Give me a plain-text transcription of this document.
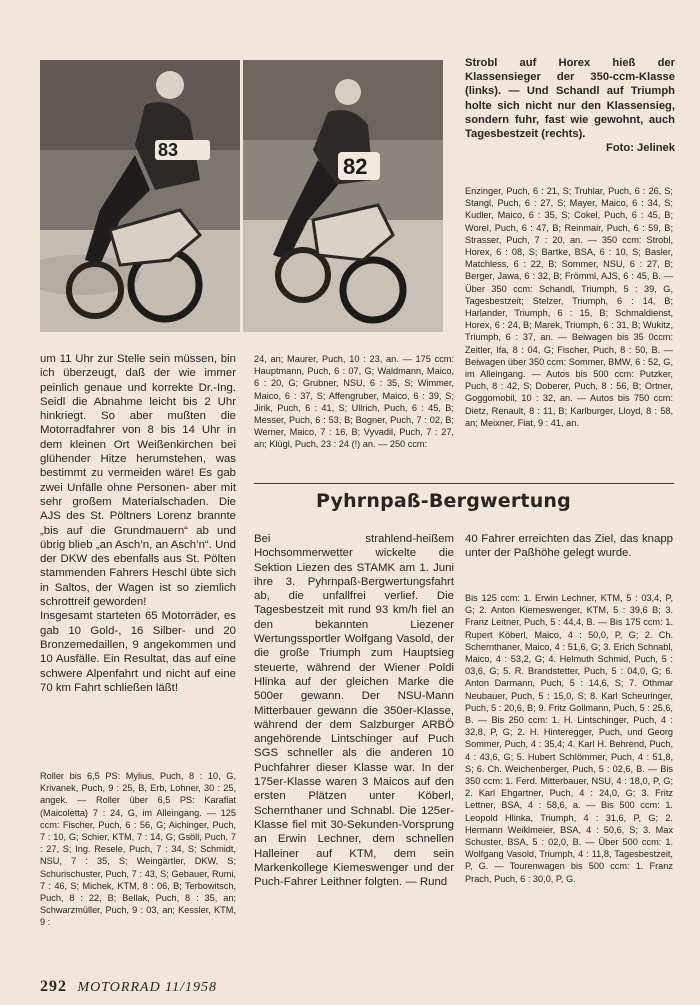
83
82
Strobl auf Horex hieß der Klassensieger der 350-ccm-Klasse (links). — Und Schandl auf Triumph holte sich nicht nur den Klassensieg, sondern fuhr, fast wie gewohnt, auch Tagesbestzeit (rechts).
Foto: Jelinek
Enzinger, Puch, 6 : 21, S; Truhlar, Puch, 6 : 26, S; Stangl, Puch, 6 : 27, S; Mayer, Maico, 6 : 34, S; Kudler, Maico, 6 : 35, S; Cokel, Puch, 6 : 45, B; Worel, Puch, 6 : 47, B; Reinmair, Puch, 6 : 59, B; Strasser, Puch, 7 : 20, an. — 350 ccm: Strobl, Horex, 6 : 08, S; Bartke, BSA, 6 : 10, S; Basler, Matchless, 6 : 22, B; Sommer, NSU, 6 : 27, B; Berger, Jawa, 6 : 32, B; Frömml, AJS, 6 : 45, B. — Über 350 ccm: Schandl, Triumph, 5 : 39, G, Tagesbestzeit; Stelzer, Triumph, 6 : 14, B; Harlander, Triumph, 6 : 15, B; Schmaldienst, Horex, 6 : 24, B; Marek, Triumph, 6 : 31, B; Wukitz, Triumph, 6 : 37, an. — Beiwagen bis 35 0ccm: Zeitler, Ifa, 8 : 04, G; Fischer, Puch, 8 : 50, B. — Beiwagen über 350 ccm: Sommer, BMW, 6 : 52, G, im Alleingang. — Autos bis 500 ccm: Putzker, Puch, 8 : 42, S; Doberer, Puch, 8 : 56, B; Ortner, Goggomobil, 10 : 32, an. — Autos bis 750 ccm: Dietz, Renault, 8 : 11, B; Karlburger, Lloyd, 8 : 58, an; Meixner, Fiat, 9 : 41, an.
24, an; Maurer, Puch, 10 : 23, an. — 175 ccm: Hauptmann, Puch, 6 : 07, G; Waldmann, Maico, 6 : 20, G; Grubner, NSU, 6 : 35, S; Wimmer, Maico, 6 : 37, S; Affengruber, Maico, 6 : 39, S; Jirik, Puch, 6 : 41, S; Ullrich, Puch, 6 : 45, B; Messer, Puch, 6 : 53, B; Bogner, Puch, 7 : 02, B; Werner, Maico, 7 : 16, B; Vyvadil, Puch, 7 : 27, an; Klügl, Puch, 23 : 24 (!) an. — 250 ccm:
um 11 Uhr zur Stelle sein müssen, bin ich überzeugt, daß der wie immer peinlich genaue und korrekte Dr.-Ing. Seidl die Abnahme leicht bis 2 Uhr hinkriegt. So aber mußten die Motorradfahrer von 8 bis 14 Uhr in dem kleinen Ort Weißenkirchen bei glühender Hitze herumstehen, was bestimmt zu vermeiden wäre! Es gab zwei Unfälle ohne Personen- aber mit sehr großem Materialschaden. Die AJS des St. Pöltners Lorenz brannte „bis auf die Grundmauern“ ab und übrig blieb „an Asch’n, an Asch’n“. Und der DKW des ebenfalls aus St. Pölten stammenden Fahrers Heschl übte sich in Saltos, der Wagen ist so ziemlich schrottreif geworden!
Insgesamt starteten 65 Motorräder, es gab 10 Gold-, 16 Silber- und 20 Bronzemedaillen, 9 angekommen und 10 Ausfälle. Ein Resultat, das auf eine schwere Alpenfahrt und nicht auf eine 70 km Fahrt schließen läßt!
Roller bis 6,5 PS: Mylius, Puch, 8 : 10, G, Krivanek, Puch, 9 : 25, B, Erb, Lohner, 30 : 25, angek. — Roller über 6,5 PS: Karafiat (Maicoletta) 7 : 24, G, im Alleingang. — 125 ccm: Fischer, Puch, 6 : 56, G; Aichinger, Puch, 7 : 10, G; Schier, KTM, 7 : 14, G; Gsöll, Puch, 7 : 27, S; Ing. Resele, Puch, 7 : 34, S; Schmidt, NSU, 7 : 35, S; Weingärtler, DKW, S; Schurischuster, Puch, 7 : 43, S; Gebauer, Rumi, 7 : 46, S; Michek, KTM, 8 : 06, B; Terbowitsch, Puch, 8 : 22, B; Bellak, Puch, 8 : 35, an; Schwarzmüller, Puch, 9 : 03, an; Kessler, KTM, 9 :
Pyhrnpaß-Bergwertung
Bei strahlend-heißem Hochsommerwetter wickelte die Sektion Liezen des STAMK am 1. Juni ihre 3. Pyhrnpaß-Bergwertungsfahrt ab, die unfallfrei verlief. Die Tagesbestzeit mit rund 93 km/h fiel an den bekannten Liezener Wertungssportler Wolfgang Vasold, der die große Triumph zum Hauptsieg steuerte, während der Wiener Poldi Hlinka auf der gleichen Marke die 500er gewann. Der NSU-Mann Mitterbauer gewann die 350er-Klasse, während der dem Salzburger ARBÖ angehörende Lintschinger auf Puch SGS schneller als die anderen 10 Puchfahrer dieser Klasse war. In der 175er-Klasse waren 3 Maicos auf den ersten Plätzen unter Köberl, Schernthaner und Schnabl. Die 125er-Klasse fiel mit 30-Sekunden-Vorsprung an Erwin Lechner, dem schnellen Halleiner auf KTM, dem sein Markenkollege Kiemeswenger und der Puch-Fahrer Leithner folgten. — Rund
40 Fahrer erreichten das Ziel, das knapp unter der Paßhöhe gelegt wurde.
Bis 125 ccm: 1. Erwin Lechner, KTM, 5 : 03,4, P, G; 2. Anton Kiemeswenger, KTM, 5 : 39,6 B; 3. Franz Leitner, Puch, 5 : 44,4, B. — Bis 175 ccm: 1. Rupert Köberl, Maico, 4 : 50,0, P, G; 2. Ch. Schernthaner, Maico, 4 : 51,6, G; 3. Erich Schnabl, Maico, 4 : 53,2, G; 4. Helmuth Schmid, Puch, 5 : 03,6, G; 5. R. Brandstetter, Puch, 5 : 04,0, G; 6. Anton Darmann, Puch, 5 : 14,6, S; 7. Othmar Neubauer, Puch, 5 : 15,0, S; 8. Karl Scheuringer, Puch, 5 : 20,6, B; 9. Fritz Gollmann, Puch, 5 : 25,6, B. — Bis 250 ccm: 1. H. Lintschinger, Puch, 4 : 32,8, P, G; 2. H. Hinteregger, Puch, und Georg Sommer, Puch, 4 : 35,4; 4. Karl H. Behrend, Puch, 4 : 43,6, G; 5. Hubert Schlömmer, Puch, 4 : 51,8, S; 6. Ch. Weichenberger, Puch, 5 : 02,6, B. — Bis 350 ccm: 1. Ferd. Mitterbauer, NSU, 4 : 18,0, P, G; 2. Karl Ehgartner, Puch, 4 : 24,0, G; 3. Fritz Lettner, BSA, 4 : 58,6, a. — Bis 500 ccm: 1. Leopold Hlinka, Triumph, 4 : 31,6, P, G; 2. Hermann Weiklmeier, BSA, 4 : 50,6, S; 3. Max Schuster, BSA, 5 : 02,0, B. — Über 500 ccm: 1. Wolfgang Vasold, Triumph, 4 : 11,8, Tagesbestzeit, P, G. — Tourenwagen bis 500 ccm: 1. Franz Prach, Puch, 6 : 30,0, P, G.
292 MOTORRAD 11/1958
